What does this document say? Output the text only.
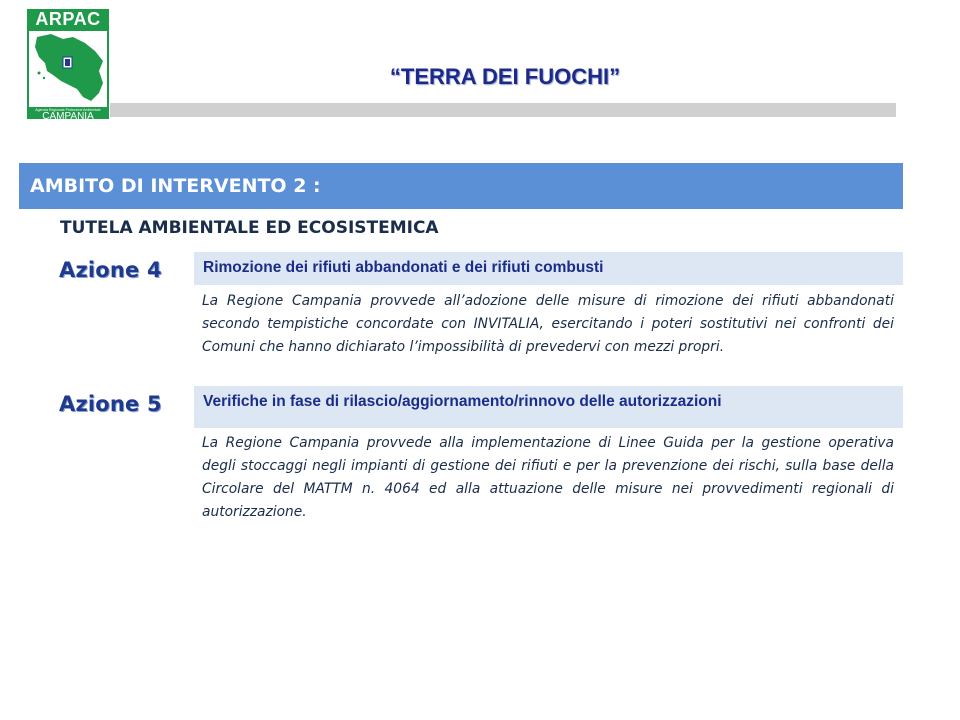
ARPAC
Agenzia Regionale Protezione Ambientale
CAMPANIA
“TERRA DEI FUOCHI”
AMBITO DI INTERVENTO 2 :
TUTELA AMBIENTALE ED ECOSISTEMICA
Azione 4	Rimozione dei rifiuti abbandonati e dei rifiuti combusti
La Regione Campania provvede all’adozione delle misure di rimozione dei rifiuti abbandonati secondo tempistiche concordate con INVITALIA, esercitando i poteri sostitutivi nei confronti dei Comuni che hanno dichiarato l’impossibilità di prevedervi con mezzi propri.
Azione 5	Verifiche in fase di rilascio/aggiornamento/rinnovo delle autorizzazioni
La Regione Campania provvede alla implementazione di Linee Guida per la gestione operativa degli stoccaggi negli impianti di gestione dei rifiuti e per la prevenzione dei rischi, sulla base della Circolare del MATTM n. 4064 ed alla attuazione delle misure nei provvedimenti regionali di autorizzazione.
